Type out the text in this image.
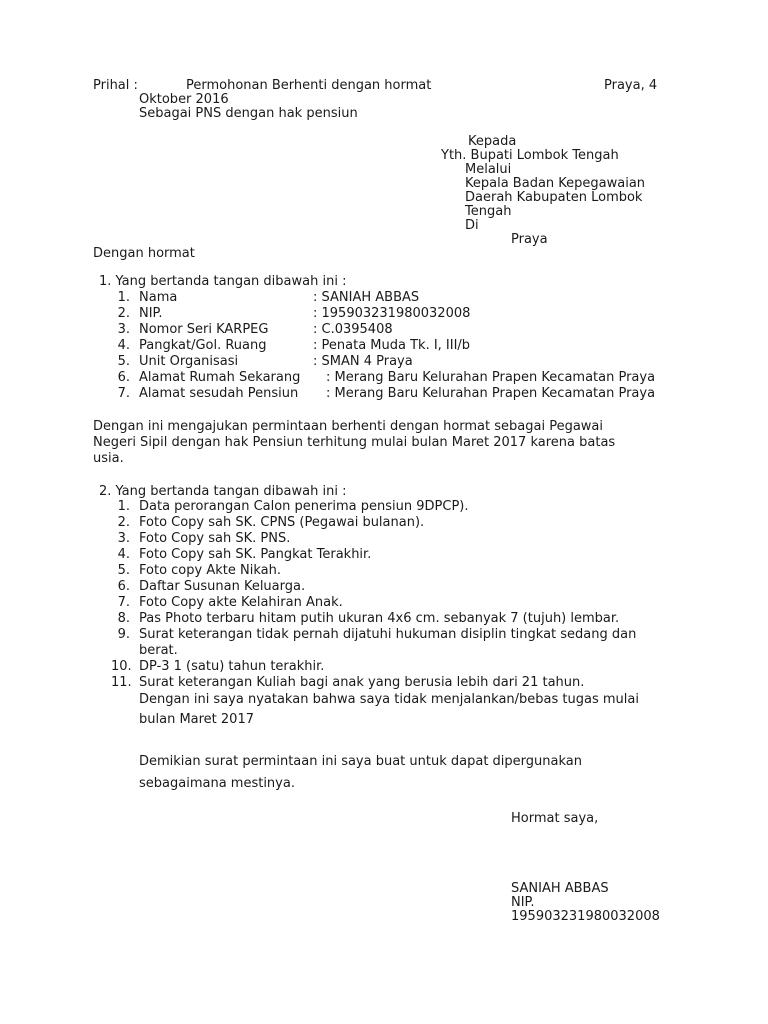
Prihal :	Permohonan Berhenti dengan hormat	Praya, 4
Oktober 2016
Sebagai PNS dengan hak pensiun
Kepada
Yth. Bupati Lombok Tengah
Melalui
Kepala Badan Kepegawaian
Daerah Kabupaten Lombok
Tengah
Di
Praya
Dengan hormat
1. Yang bertanda tangan dibawah ini :
1. Nama	: SANIAH ABBAS
2. NIP.	: 195903231980032008
3. Nomor Seri KARPEG	: C.0395408
4. Pangkat/Gol. Ruang	: Penata Muda Tk. I, III/b
5. Unit Organisasi	: SMAN 4 Praya
6. Alamat Rumah Sekarang : Merang Baru Kelurahan Prapen Kecamatan Praya
7. Alamat sesudah Pensiun : Merang Baru Kelurahan Prapen Kecamatan Praya
Dengan ini mengajukan permintaan berhenti dengan hormat sebagai Pegawai
Negeri Sipil dengan hak Pensiun terhitung mulai bulan Maret 2017 karena batas
usia.
2. Yang bertanda tangan dibawah ini :
1. Data perorangan Calon penerima pensiun 9DPCP).
2. Foto Copy sah SK. CPNS (Pegawai bulanan).
3. Foto Copy sah SK. PNS.
4. Foto Copy sah SK. Pangkat Terakhir.
5. Foto copy Akte Nikah.
6. Daftar Susunan Keluarga.
7. Foto Copy akte Kelahiran Anak.
8. Pas Photo terbaru hitam putih ukuran 4x6 cm. sebanyak 7 (tujuh) lembar.
9. Surat keterangan tidak pernah dijatuhi hukuman disiplin tingkat sedang dan
berat.
10. DP-3 1 (satu) tahun terakhir.
11. Surat keterangan Kuliah bagi anak yang berusia lebih dari 21 tahun.
Dengan ini saya nyatakan bahwa saya tidak menjalankan/bebas tugas mulai
bulan Maret 2017
Demikian surat permintaan ini saya buat untuk dapat dipergunakan
sebagaimana mestinya.
Hormat saya,
SANIAH ABBAS
NIP.
195903231980032008
